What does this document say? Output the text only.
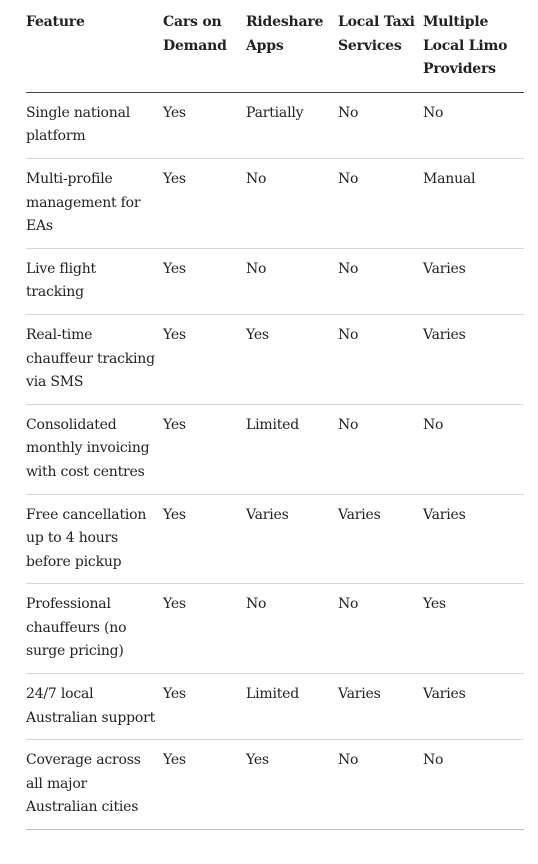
Feature	Cars on Demand	Rideshare Apps	Local Taxi Services	Multiple Local Limo Providers
Single national platform	Yes	Partially	No	No
Multi-profile management for EAs	Yes	No	No	Manual
Live flight tracking	Yes	No	No	Varies
Real-time chauffeur tracking via SMS	Yes	Yes	No	Varies
Consolidated monthly invoicing with cost centres	Yes	Limited	No	No
Free cancellation up to 4 hours before pickup	Yes	Varies	Varies	Varies
Professional chauffeurs (no surge pricing)	Yes	No	No	Yes
24/7 local Australian support	Yes	Limited	Varies	Varies
Coverage across all major Australian cities	Yes	Yes	No	No
